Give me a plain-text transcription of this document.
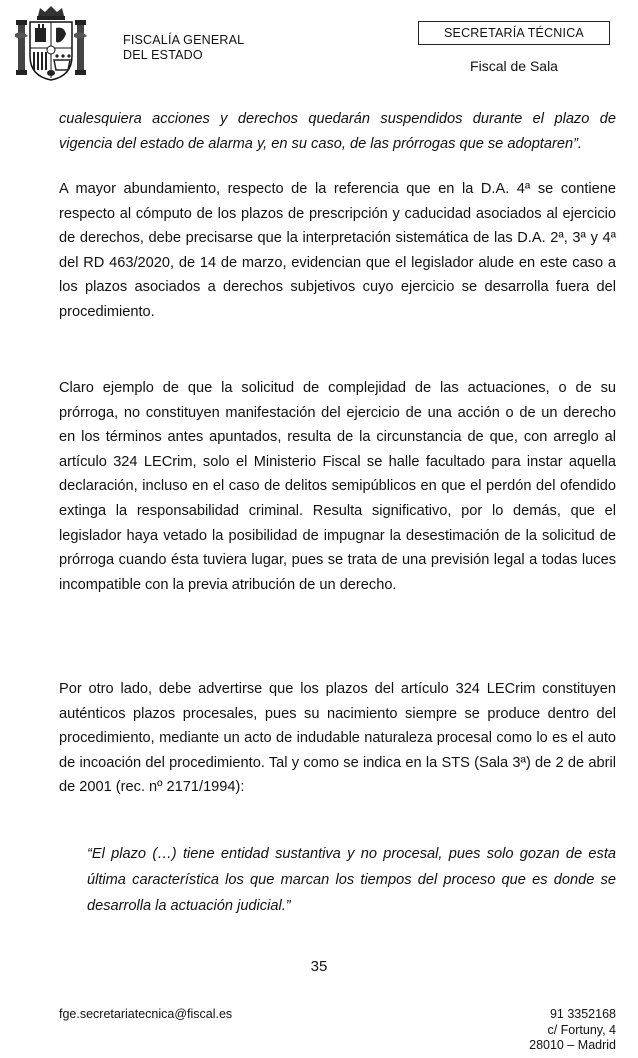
FISCALÍA GENERAL
DEL ESTADO
SECRETARÍA TÉCNICA
Fiscal de Sala
cualesquiera acciones y derechos quedarán suspendidos durante el plazo de vigencia del estado de alarma y, en su caso, de las prórrogas que se adoptaren”.
A mayor abundamiento, respecto de la referencia que en la D.A. 4ª se contiene respecto al cómputo de los plazos de prescripción y caducidad asociados al ejercicio de derechos, debe precisarse que la interpretación sistemática de las D.A. 2ª, 3ª y 4ª del RD 463/2020, de 14 de marzo, evidencian que el legislador alude en este caso a los plazos asociados a derechos subjetivos cuyo ejercicio se desarrolla fuera del procedimiento.
Claro ejemplo de que la solicitud de complejidad de las actuaciones, o de su prórroga, no constituyen manifestación del ejercicio de una acción o de un derecho en los términos antes apuntados, resulta de la circunstancia de que, con arreglo al artículo 324 LECrim, solo el Ministerio Fiscal se halle facultado para instar aquella declaración, incluso en el caso de delitos semipúblicos en que el perdón del ofendido extinga la responsabilidad criminal. Resulta significativo, por lo demás, que el legislador haya vetado la posibilidad de impugnar la desestimación de la solicitud de prórroga cuando ésta tuviera lugar, pues se trata de una previsión legal a todas luces incompatible con la previa atribución de un derecho.
Por otro lado, debe advertirse que los plazos del artículo 324 LECrim constituyen auténticos plazos procesales, pues su nacimiento siempre se produce dentro del procedimiento, mediante un acto de indudable naturaleza procesal como lo es el auto de incoación del procedimiento. Tal y como se indica en la STS (Sala 3ª) de 2 de abril de 2001 (rec. nº 2171/1994):
“El plazo (…) tiene entidad sustantiva y no procesal, pues solo gozan de esta última característica los que marcan los tiempos del proceso que es donde se desarrolla la actuación judicial.”
35
fge.secretariatecnica@fiscal.es	91 3352168
c/ Fortuny, 4
28010 – Madrid
